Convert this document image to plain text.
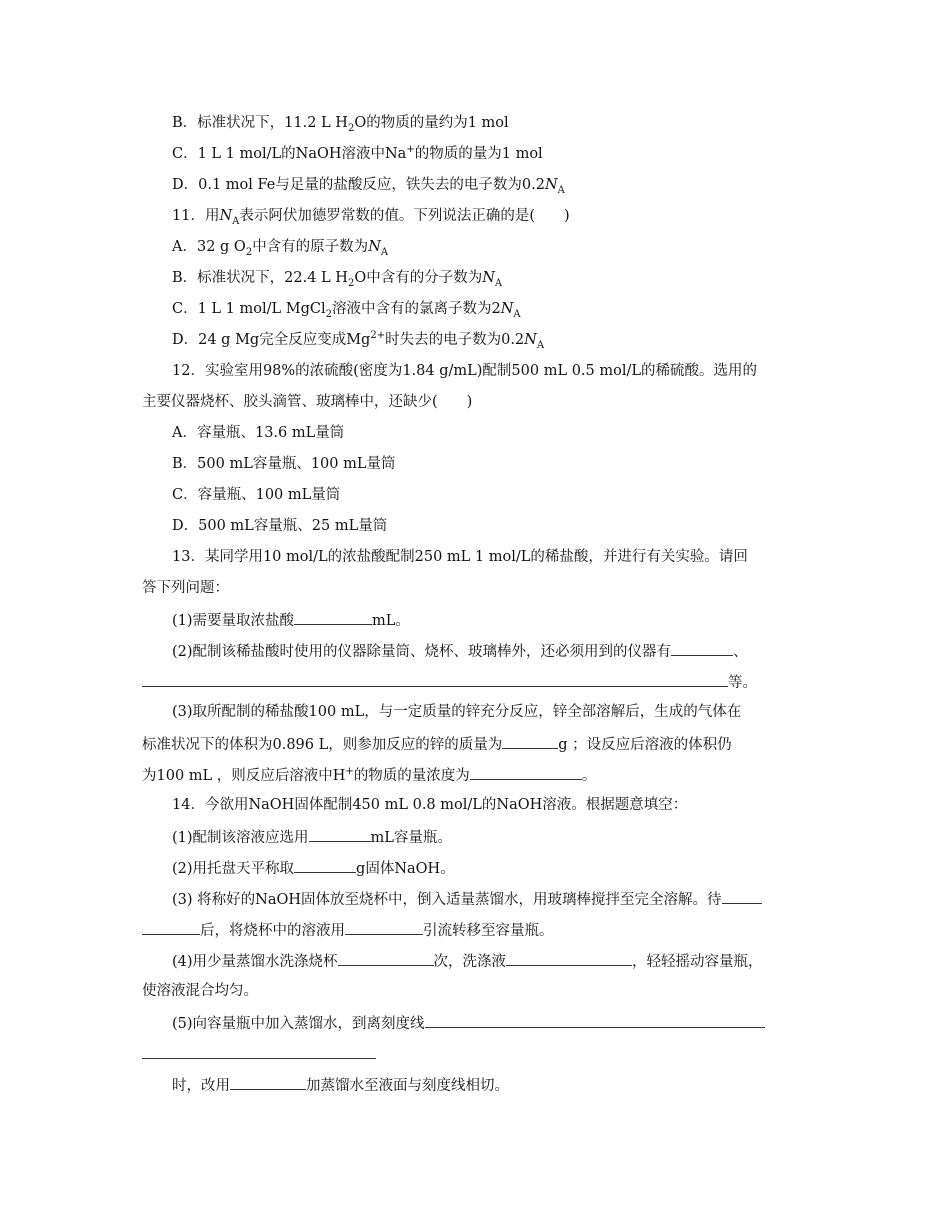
B．标准状况下，11.2 L $H_2O$的物质的量约为1 mol
C．1 L 1 mol/L的NaOH溶液中Na+的物质的量为1 mol
D．0.1 mol Fe与足量的盐酸反应，铁失去的电子数为$0.2N_A$
11．用$N_A$表示阿伏加德罗常数的值。下列说法正确的是(　　)
A．32 g $O_2$中含有的原子数为$N_A$
B．标准状况下，22.4 L $H_2O$中含有的分子数为$N_A$
C．1 L 1 mol/L MgCl$_2$溶液中含有的氯离子数为$2N_A$
D．24 g Mg完全反应变成$Mg^{2+}$时失去的电子数为$0.2N_A$
12．实验室用98%的浓硫酸(密度为1.84 g/mL)配制500 mL 0.5 mol/L的稀硫酸。选用的
主要仪器烧杯、胶头滴管、玻璃棒中，还缺少(　　)
A．容量瓶、13.6 mL量筒
B．500 mL容量瓶、100 mL量筒
C．容量瓶、100 mL量筒
D．500 mL容量瓶、25 mL量筒
13．某同学用10 mol/L的浓盐酸配制250 mL 1 mol/L的稀盐酸，并进行有关实验。请回
答下列问题：
(1)需要量取浓盐酸	mL。
(2)配制该稀盐酸时使用的仪器除量筒、烧杯、玻璃棒外，还必须用到的仪器有	、
等。
(3)取所配制的稀盐酸100 mL，与一定质量的锌充分反应，锌全部溶解后，生成的气体在
标准状况下的体积为0.896 L，则参加反应的锌的质量为	g ；设反应后溶液的体积仍
为100 mL ，则反应后溶液中H+的物质的量浓度为	。
14．今欲用NaOH固体配制450 mL 0.8 mol/L的NaOH溶液。根据题意填空：
(1)配制该溶液应选用	mL容量瓶。
(2)用托盘天平称取	g固体NaOH。
(3) 将称好的NaOH固体放至烧杯中，倒入适量蒸馏水，用玻璃棒搅拌至完全溶解。待
后，将烧杯中的溶液用	引流转移至容量瓶。
(4)用少量蒸馏水洗涤烧杯	次，洗涤液	，轻轻摇动容量瓶，
使溶液混合均匀。
(5)向容量瓶中加入蒸馏水，到离刻度线
时，改用	加蒸馏水至液面与刻度线相切。
